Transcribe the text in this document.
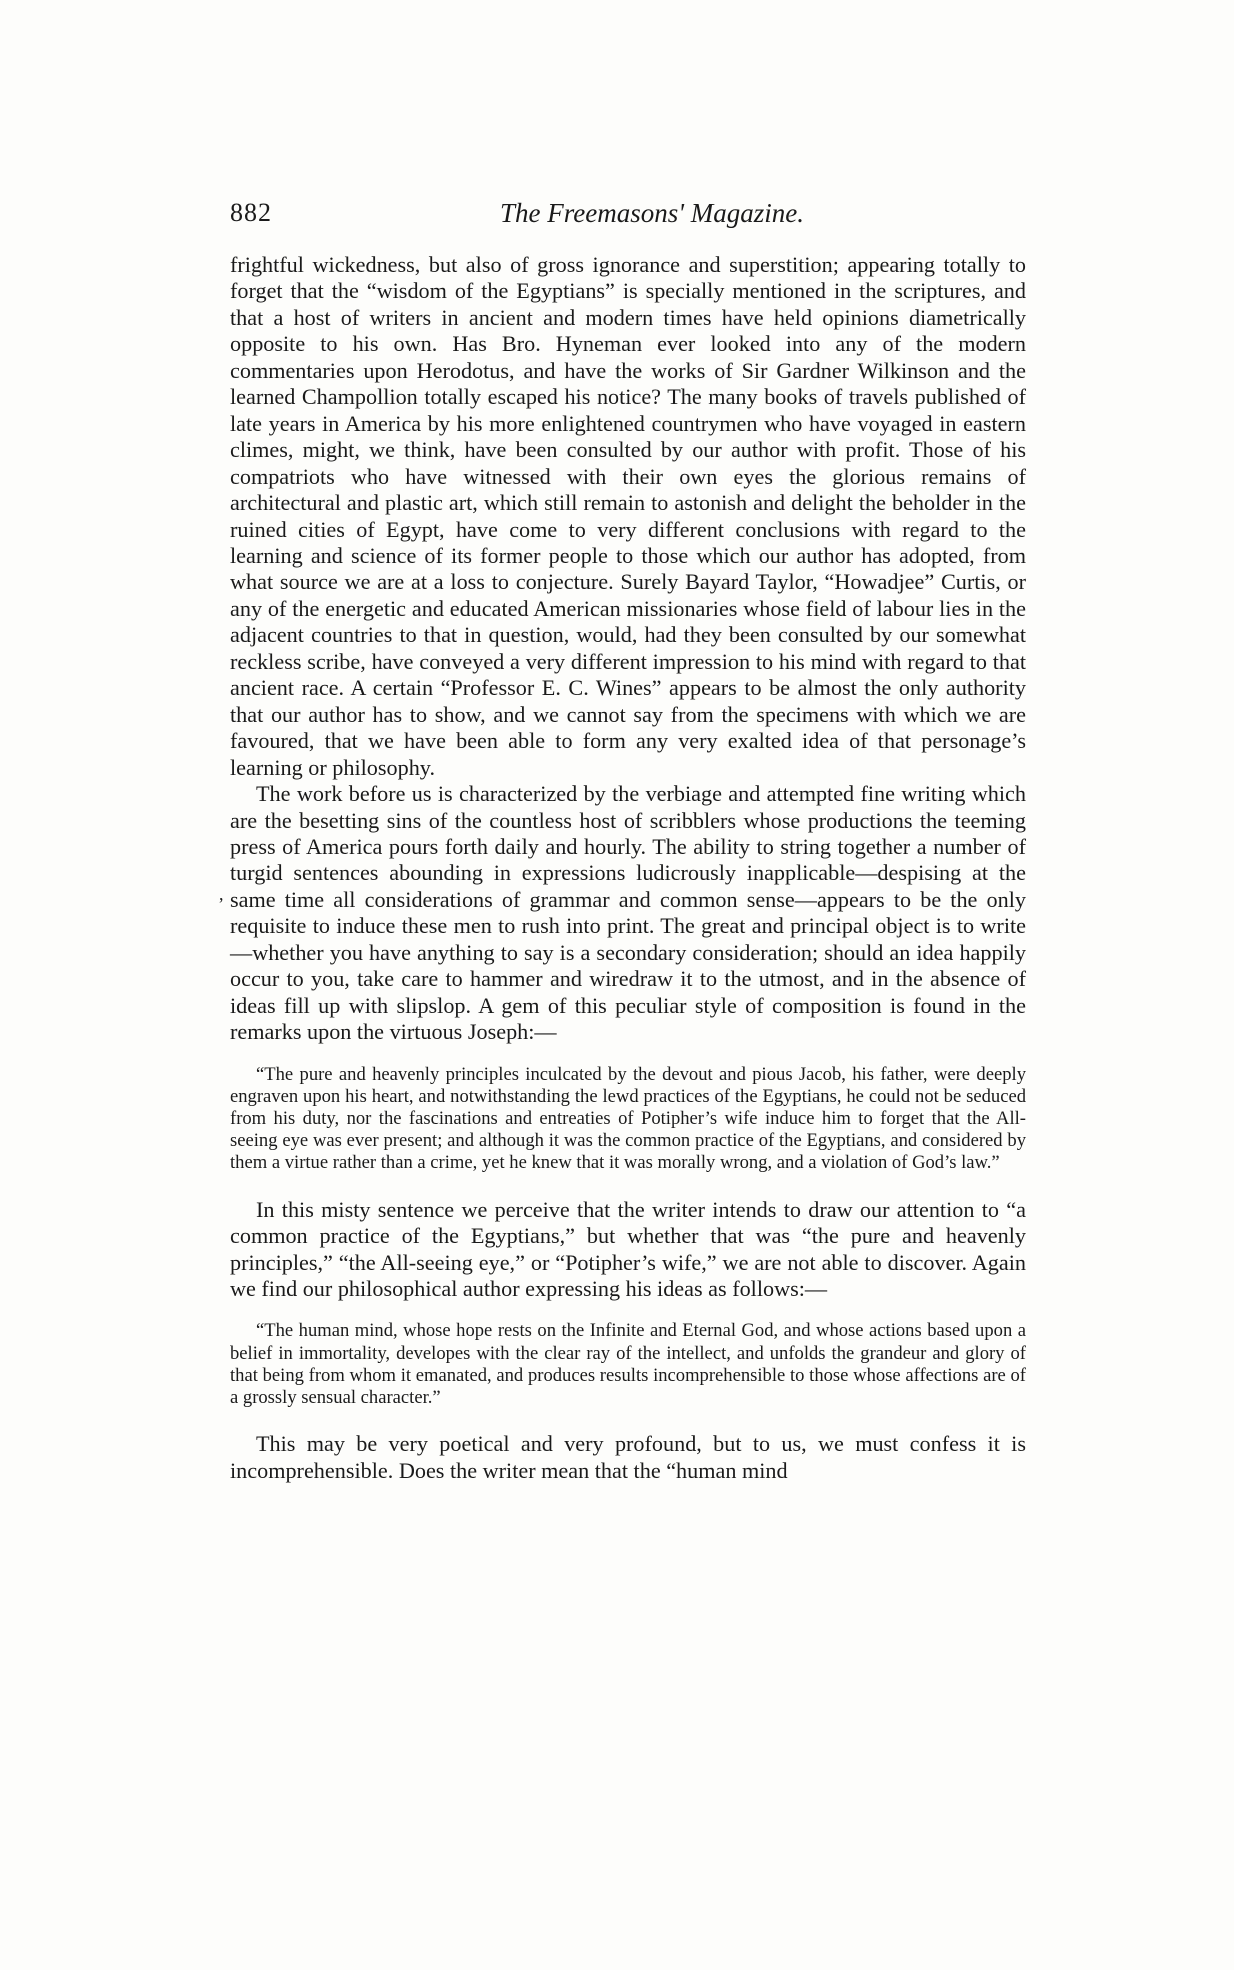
882	The Freemasons' Magazine.
,

frightful wickedness, but also of gross ignorance and superstition; appearing totally to forget that the “wisdom of the Egyptians” is specially mentioned in the scriptures, and that a host of writers in ancient and modern times have held opinions diametrically opposite to his own. Has Bro. Hyneman ever looked into any of the modern commentaries upon Herodotus, and have the works of Sir Gardner Wilkinson and the learned Champollion totally escaped his notice? The many books of travels published of late years in America by his more enlightened countrymen who have voyaged in eastern climes, might, we think, have been consulted by our author with profit. Those of his compatriots who have witnessed with their own eyes the glorious remains of architectural and plastic art, which still remain to astonish and delight the beholder in the ruined cities of Egypt, have come to very different conclusions with regard to the learning and science of its former people to those which our author has adopted, from what source we are at a loss to conjecture. Surely Bayard Taylor, “Howadjee” Curtis, or any of the energetic and educated American missionaries whose field of labour lies in the adjacent countries to that in question, would, had they been consulted by our somewhat reckless scribe, have conveyed a very different impression to his mind with regard to that ancient race. A certain “Professor E. C. Wines” appears to be almost the only authority that our author has to show, and we cannot say from the specimens with which we are favoured, that we have been able to form any very exalted idea of that personage’s learning or philosophy.

The work before us is characterized by the verbiage and attempted fine writing which are the besetting sins of the countless host of scribblers whose productions the teeming press of America pours forth daily and hourly. The ability to string together a number of turgid sentences abounding in expressions ludicrously inapplicable—despising at the same time all considerations of grammar and common sense—appears to be the only requisite to induce these men to rush into print. The great and principal object is to write—whether you have anything to say is a secondary consideration; should an idea happily occur to you, take care to hammer and wiredraw it to the utmost, and in the absence of ideas fill up with slipslop. A gem of this peculiar style of composition is found in the remarks upon the virtuous Joseph:—

“The pure and heavenly principles inculcated by the devout and pious Jacob, his father, were deeply engraven upon his heart, and notwithstanding the lewd practices of the Egyptians, he could not be seduced from his duty, nor the fascinations and entreaties of Potipher’s wife induce him to forget that the All-seeing eye was ever present; and although it was the common practice of the Egyptians, and considered by them a virtue rather than a crime, yet he knew that it was morally wrong, and a violation of God’s law.”

In this misty sentence we perceive that the writer intends to draw our attention to “a common practice of the Egyptians,” but whether that was “the pure and heavenly principles,” “the All-seeing eye,” or “Potipher’s wife,” we are not able to discover. Again we find our philosophical author expressing his ideas as follows:—

“The human mind, whose hope rests on the Infinite and Eternal God, and whose actions based upon a belief in immortality, developes with the clear ray of the intellect, and unfolds the grandeur and glory of that being from whom it emanated, and produces results incomprehensible to those whose affections are of a grossly sensual character.”

This may be very poetical and very profound, but to us, we must confess it is incomprehensible. Does the writer mean that the “human mind
